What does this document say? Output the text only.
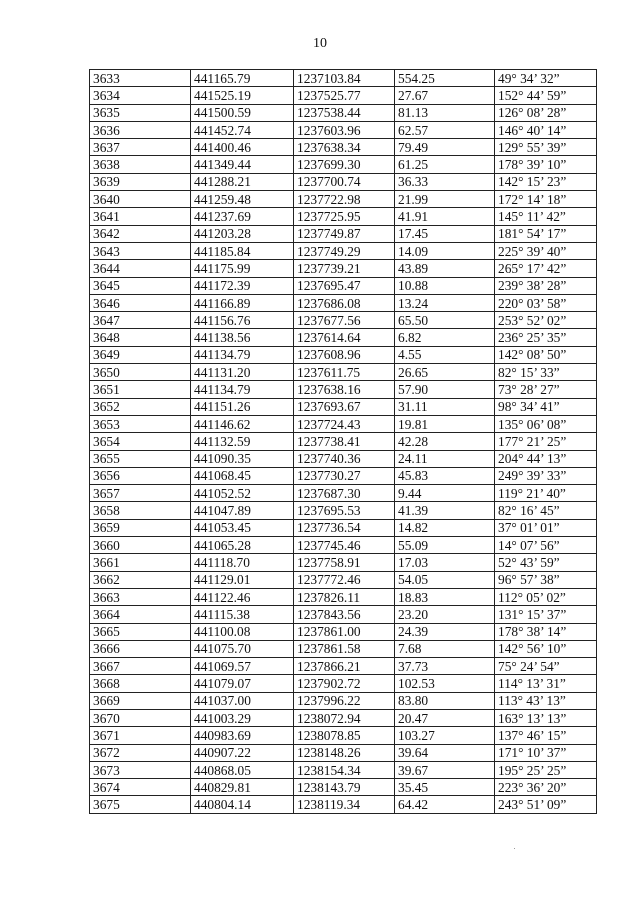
10
3633	441165.79	1237103.84	554.25	49° 34’ 32”
3634	441525.19	1237525.77	27.67	152° 44’ 59”
3635	441500.59	1237538.44	81.13	126° 08’ 28”
3636	441452.74	1237603.96	62.57	146° 40’ 14”
3637	441400.46	1237638.34	79.49	129° 55’ 39”
3638	441349.44	1237699.30	61.25	178° 39’ 10”
3639	441288.21	1237700.74	36.33	142° 15’ 23”
3640	441259.48	1237722.98	21.99	172° 14’ 18”
3641	441237.69	1237725.95	41.91	145° 11’ 42”
3642	441203.28	1237749.87	17.45	181° 54’ 17”
3643	441185.84	1237749.29	14.09	225° 39’ 40”
3644	441175.99	1237739.21	43.89	265° 17’ 42”
3645	441172.39	1237695.47	10.88	239° 38’ 28”
3646	441166.89	1237686.08	13.24	220° 03’ 58”
3647	441156.76	1237677.56	65.50	253° 52’ 02”
3648	441138.56	1237614.64	6.82	236° 25’ 35”
3649	441134.79	1237608.96	4.55	142° 08’ 50”
3650	441131.20	1237611.75	26.65	82° 15’ 33”
3651	441134.79	1237638.16	57.90	73° 28’ 27”
3652	441151.26	1237693.67	31.11	98° 34’ 41”
3653	441146.62	1237724.43	19.81	135° 06’ 08”
3654	441132.59	1237738.41	42.28	177° 21’ 25”
3655	441090.35	1237740.36	24.11	204° 44’ 13”
3656	441068.45	1237730.27	45.83	249° 39’ 33”
3657	441052.52	1237687.30	9.44	119° 21’ 40”
3658	441047.89	1237695.53	41.39	82° 16’ 45”
3659	441053.45	1237736.54	14.82	37° 01’ 01”
3660	441065.28	1237745.46	55.09	14° 07’ 56”
3661	441118.70	1237758.91	17.03	52° 43’ 59”
3662	441129.01	1237772.46	54.05	96° 57’ 38”
3663	441122.46	1237826.11	18.83	112° 05’ 02”
3664	441115.38	1237843.56	23.20	131° 15’ 37”
3665	441100.08	1237861.00	24.39	178° 38’ 14”
3666	441075.70	1237861.58	7.68	142° 56’ 10”
3667	441069.57	1237866.21	37.73	75° 24’ 54”
3668	441079.07	1237902.72	102.53	114° 13’ 31”
3669	441037.00	1237996.22	83.80	113° 43’ 13”
3670	441003.29	1238072.94	20.47	163° 13’ 13”
3671	440983.69	1238078.85	103.27	137° 46’ 15”
3672	440907.22	1238148.26	39.64	171° 10’ 37”
3673	440868.05	1238154.34	39.67	195° 25’ 25”
3674	440829.81	1238143.79	35.45	223° 36’ 20”
3675	440804.14	1238119.34	64.42	243° 51’ 09”
